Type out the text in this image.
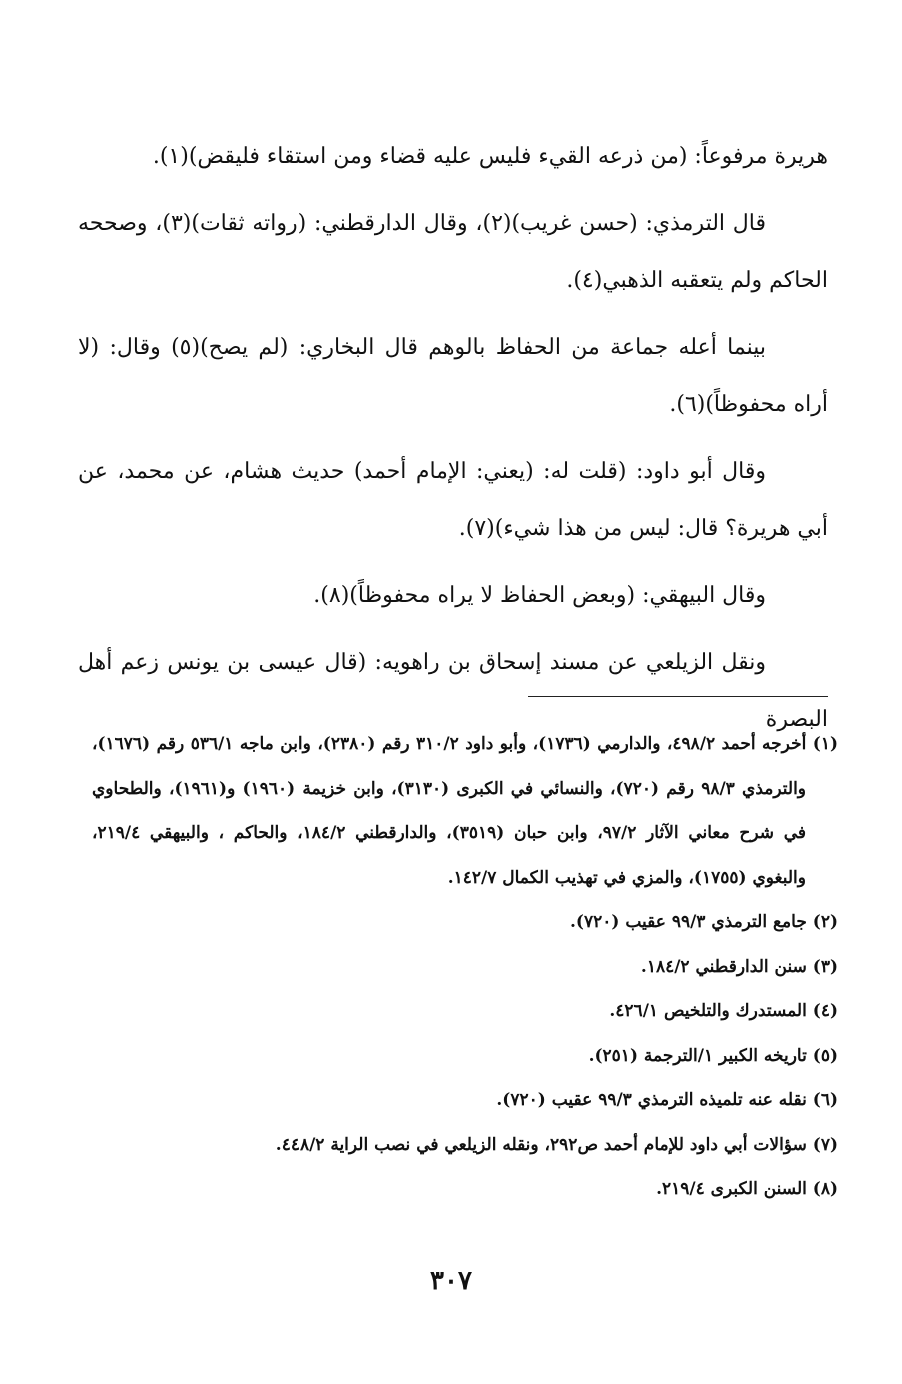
هريرة مرفوعاً: (من ذرعه القيء فليس عليه قضاء ومن استقاء فليقض)(١).

قال الترمذي: (حسن غريب)(٢)، وقال الدارقطني: (رواته ثقات)(٣)، وصححه الحاكم ولم يتعقبه الذهبي(٤).

بينما أعله جماعة من الحفاظ بالوهم قال البخاري: (لم يصح)(٥) وقال: (لا أراه محفوظاً)(٦).

وقال أبو داود: (قلت له: (يعني: الإمام أحمد) حديث هشام، عن محمد، عن أبي هريرة؟ قال: ليس من هذا شيء)(٧).

وقال البيهقي: (وبعض الحفاظ لا يراه محفوظاً)(٨).

ونقل الزيلعي عن مسند إسحاق بن راهويه: (قال عيسى بن يونس زعم أهل البصرة

(١) أخرجه أحمد ٤٩٨/٢، والدارمي (١٧٣٦)، وأبو داود ٣١٠/٢ رقم (٢٣٨٠)، وابن ماجه ٥٣٦/١ رقم (١٦٧٦)، والترمذي ٩٨/٣ رقم (٧٢٠)، والنسائي في الكبرى (٣١٣٠)، وابن خزيمة (١٩٦٠) و(١٩٦١)، والطحاوي في شرح معاني الآثار ٩٧/٢، وابن حبان (٣٥١٩)، والدارقطني ١٨٤/٢، والحاكم ، والبيهقي ٢١٩/٤، والبغوي (١٧٥٥)، والمزي في تهذيب الكمال ١٤٢/٧.

(٢) جامع الترمذي ٩٩/٣ عقيب (٧٢٠).

(٣) سنن الدارقطني ١٨٤/٢.

(٤) المستدرك والتلخيص ٤٢٦/١.

(٥) تاريخه الكبير ١/الترجمة (٢٥١).

(٦) نقله عنه تلميذه الترمذي ٩٩/٣ عقيب (٧٢٠).

(٧) سؤالات أبي داود للإمام أحمد ص٢٩٢، ونقله الزيلعي في نصب الراية ٤٤٨/٢.

(٨) السنن الكبرى ٢١٩/٤.

٣٠٧
